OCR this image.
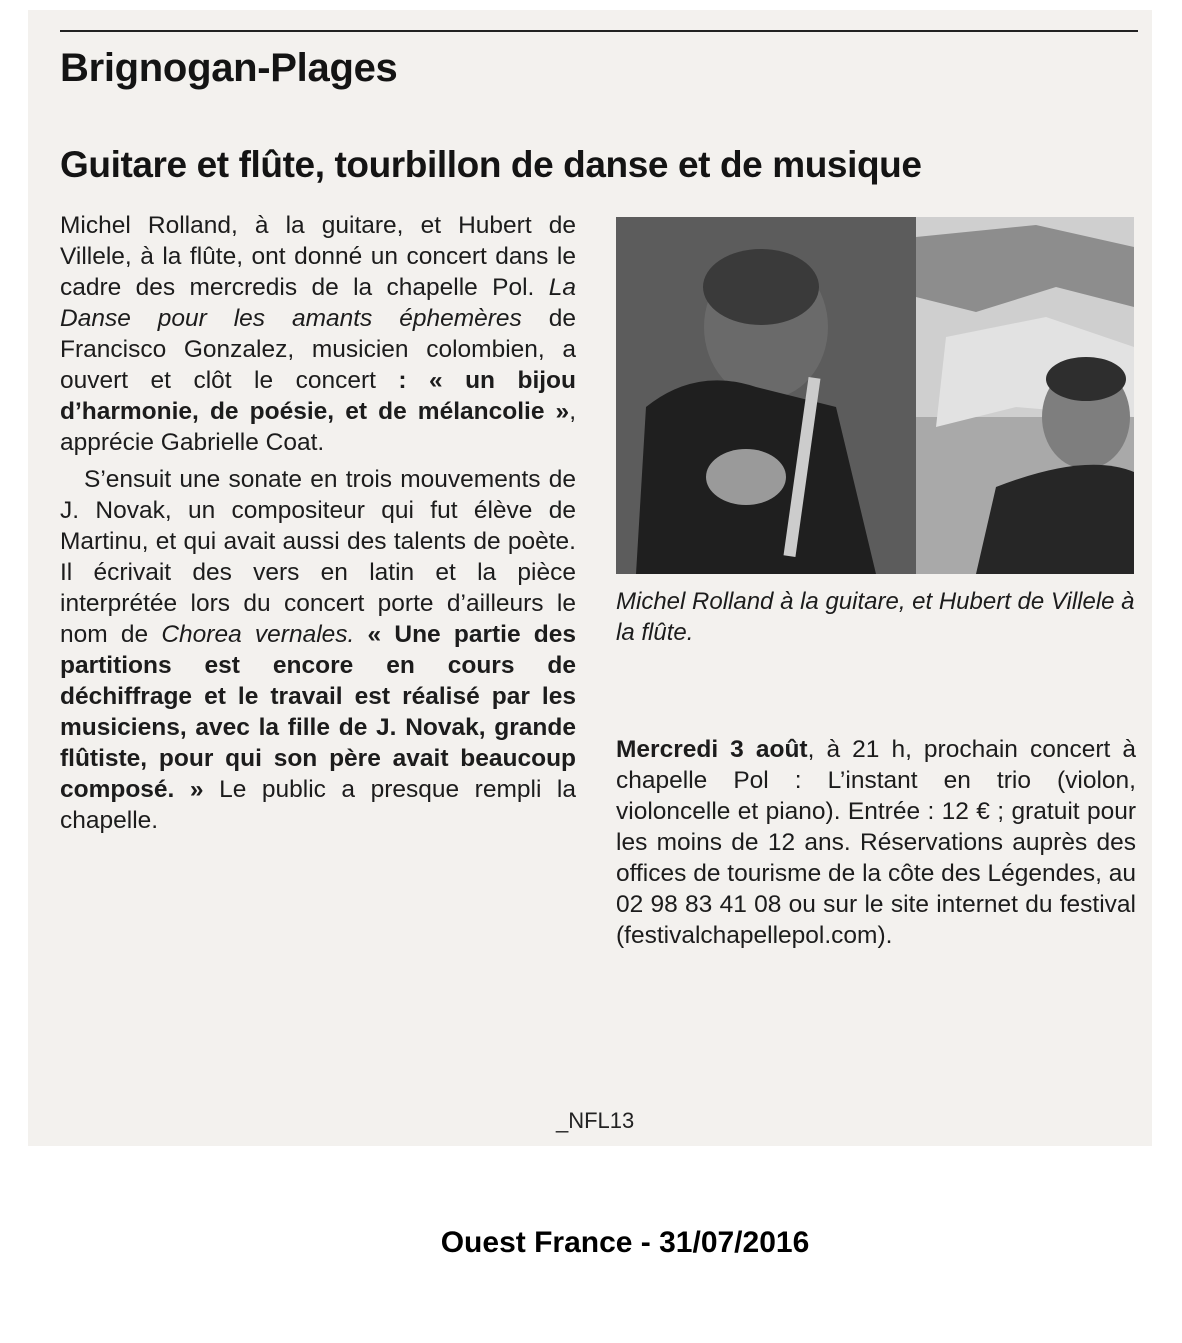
Brignogan-Plages
Guitare et flûte, tourbillon de danse et de musique

Michel Rolland, à la guitare, et Hubert de Villele, à la flûte, ont donné un concert dans le cadre des mercredis de la chapelle Pol. La Danse pour les amants éphemères de Francisco Gonzalez, musicien colombien, a ouvert et clôt le concert : « un bijou d’harmonie, de poésie, et de mélancolie », apprécie Gabrielle Coat.

S’ensuit une sonate en trois mouvements de J. Novak, un compositeur qui fut élève de Martinu, et qui avait aussi des talents de poète. Il écrivait des vers en latin et la pièce interprétée lors du concert porte d’ailleurs le nom de Chorea vernales. « Une partie des partitions est encore en cours de déchiffrage et le travail est réalisé par les musiciens, avec la fille de J. Novak, grande flûtiste, pour qui son père avait beaucoup composé. » Le public a presque rempli la chapelle.

Michel Rolland à la guitare, et Hubert de Villele à la flûte.

Mercredi 3 août, à 21 h, prochain concert à chapelle Pol : L’instant en trio (violon, violoncelle et piano). Entrée : 12 € ; gratuit pour les moins de 12 ans. Réservations auprès des offices de tourisme de la côte des Légendes, au 02 98 83 41 08 ou sur le site internet du festival (festivalchapellepol.com).

_NFL13
Ouest France - 31/07/2016
